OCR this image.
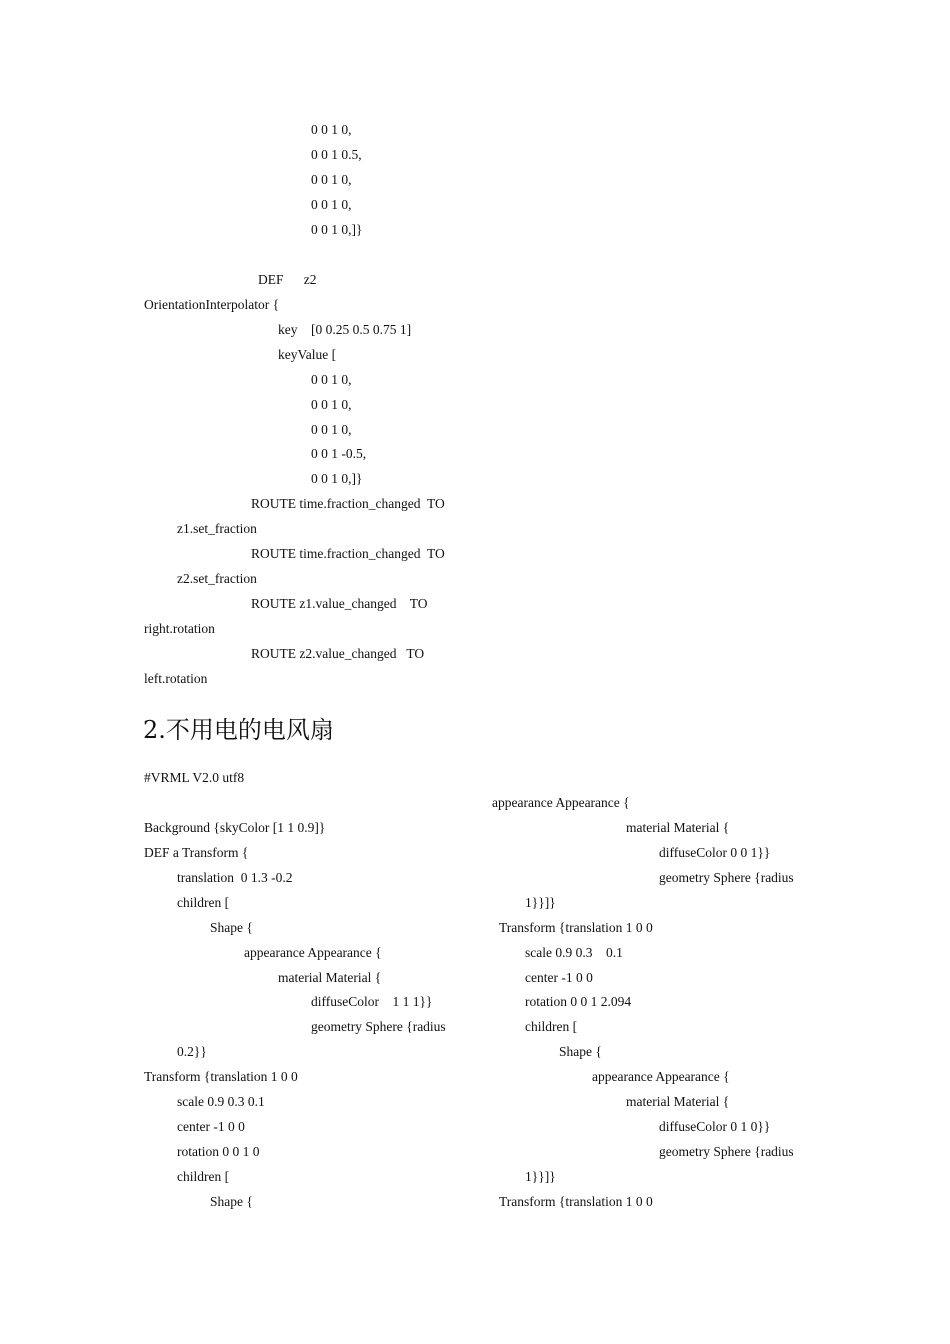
0 0 1 0,
0 0 1 0.5,
0 0 1 0,
0 0 1 0,
0 0 1 0,]}
DEF      z2
OrientationInterpolator {
key    [0 0.25 0.5 0.75 1]
keyValue [
0 0 1 0,
0 0 1 0,
0 0 1 0,
0 0 1 -0.5,
0 0 1 0,]}
ROUTE time.fraction_changed  TO
z1.set_fraction
ROUTE time.fraction_changed  TO
z2.set_fraction
ROUTE z1.value_changed    TO
right.rotation
ROUTE z2.value_changed   TO
left.rotation
2.不用电的电风扇
#VRML V2.0 utf8
Background {skyColor [1 1 0.9]}
DEF a Transform {
translation  0 1.3 -0.2
children [
Shape {
appearance Appearance {
material Material {
diffuseColor    1 1 1}}
geometry Sphere {radius
0.2}}
Transform {translation 1 0 0
scale 0.9 0.3 0.1
center -1 0 0
rotation 0 0 1 0
children [
Shape {
appearance Appearance {
material Material {
diffuseColor 0 0 1}}
geometry Sphere {radius
1}}]}
Transform {translation 1 0 0
scale 0.9 0.3    0.1
center -1 0 0
rotation 0 0 1 2.094
children [
Shape {
appearance Appearance {
material Material {
diffuseColor 0 1 0}}
geometry Sphere {radius
1}}]}
Transform {translation 1 0 0
